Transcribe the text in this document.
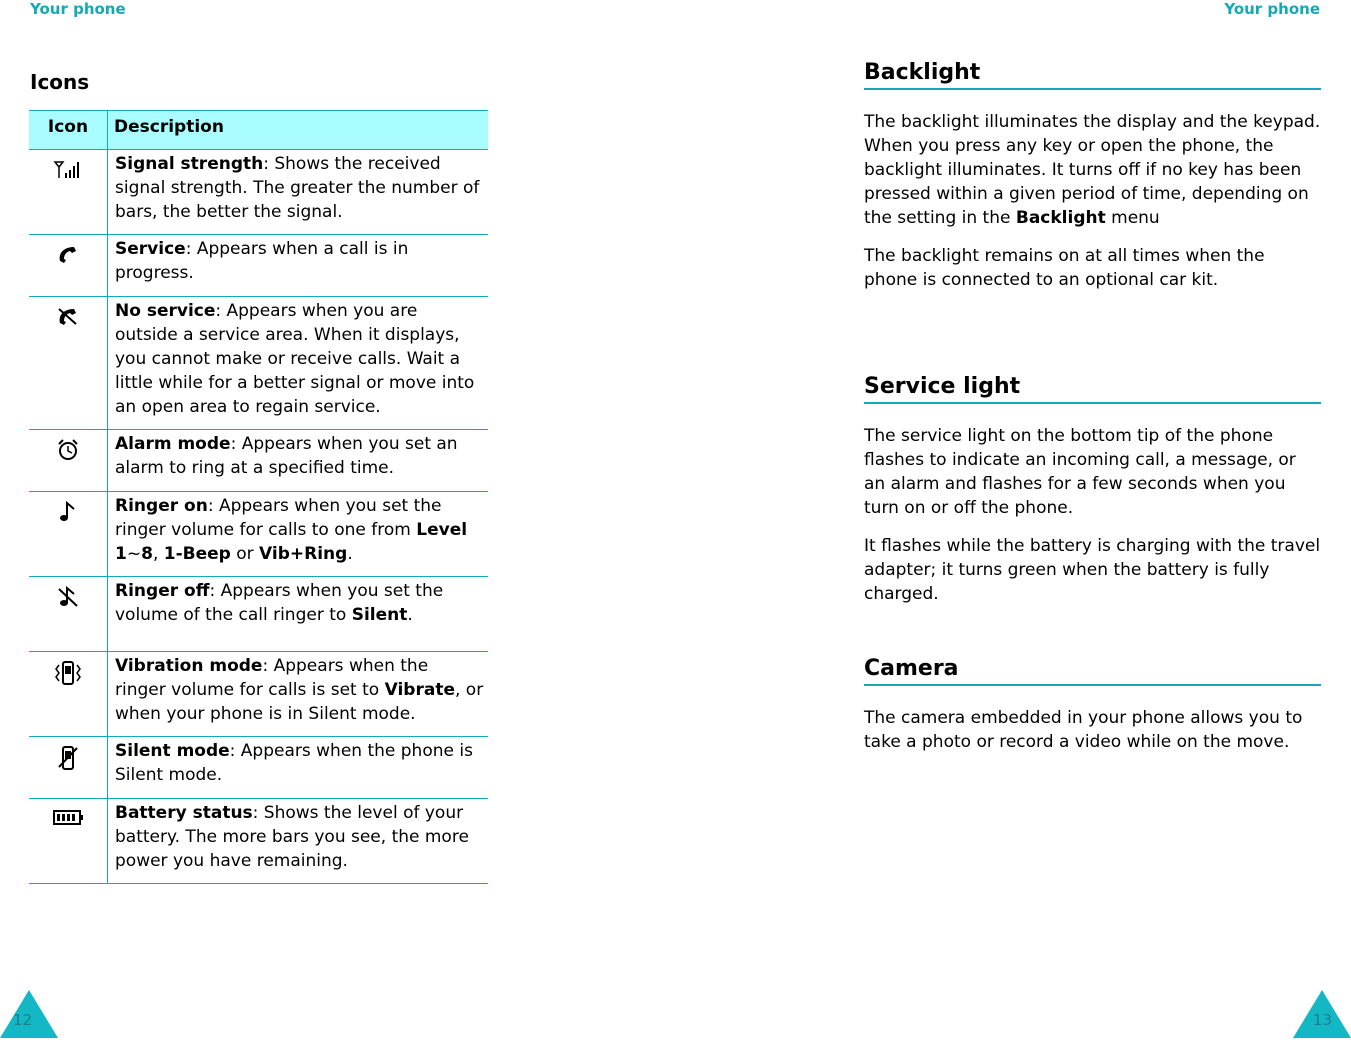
Your phone	Your phone
Icons
Icon	Description

	Signal strength: Shows the received signal strength. The greater the number of bars, the better the signal.

	Service: Appears when a call is in progress.

	No service: Appears when you are outside a service area. When it displays, you cannot make or receive calls. Wait a little while for a better signal or move into an open area to regain service.

	Alarm mode: Appears when you set an alarm to ring at a specified time.

	Ringer on: Appears when you set the ringer volume for calls to one from Level 1~8, 1-Beep or Vib+Ring.

	Ringer off: Appears when you set the volume of the call ringer to Silent.

	Vibration mode: Appears when the ringer volume for calls is set to Vibrate, or when your phone is in Silent mode.

	Silent mode: Appears when the phone is Silent mode.

	Battery status: Shows the level of your battery. The more bars you see, the more power you have remaining.
Backlight

The backlight illuminates the display and the keypad. When you press any key or open the phone, the backlight illuminates. It turns off if no key has been pressed within a given period of time, depending on the setting in the Backlight menu

The backlight remains on at all times when the phone is connected to an optional car kit.

Service light

The service light on the bottom tip of the phone flashes to indicate an incoming call, a message, or an alarm and flashes for a few seconds when you turn on or off the phone.

It flashes while the battery is charging with the travel adapter; it turns green when the battery is fully charged.

Camera

The camera embedded in your phone allows you to take a photo or record a video while on the move.

12	13
